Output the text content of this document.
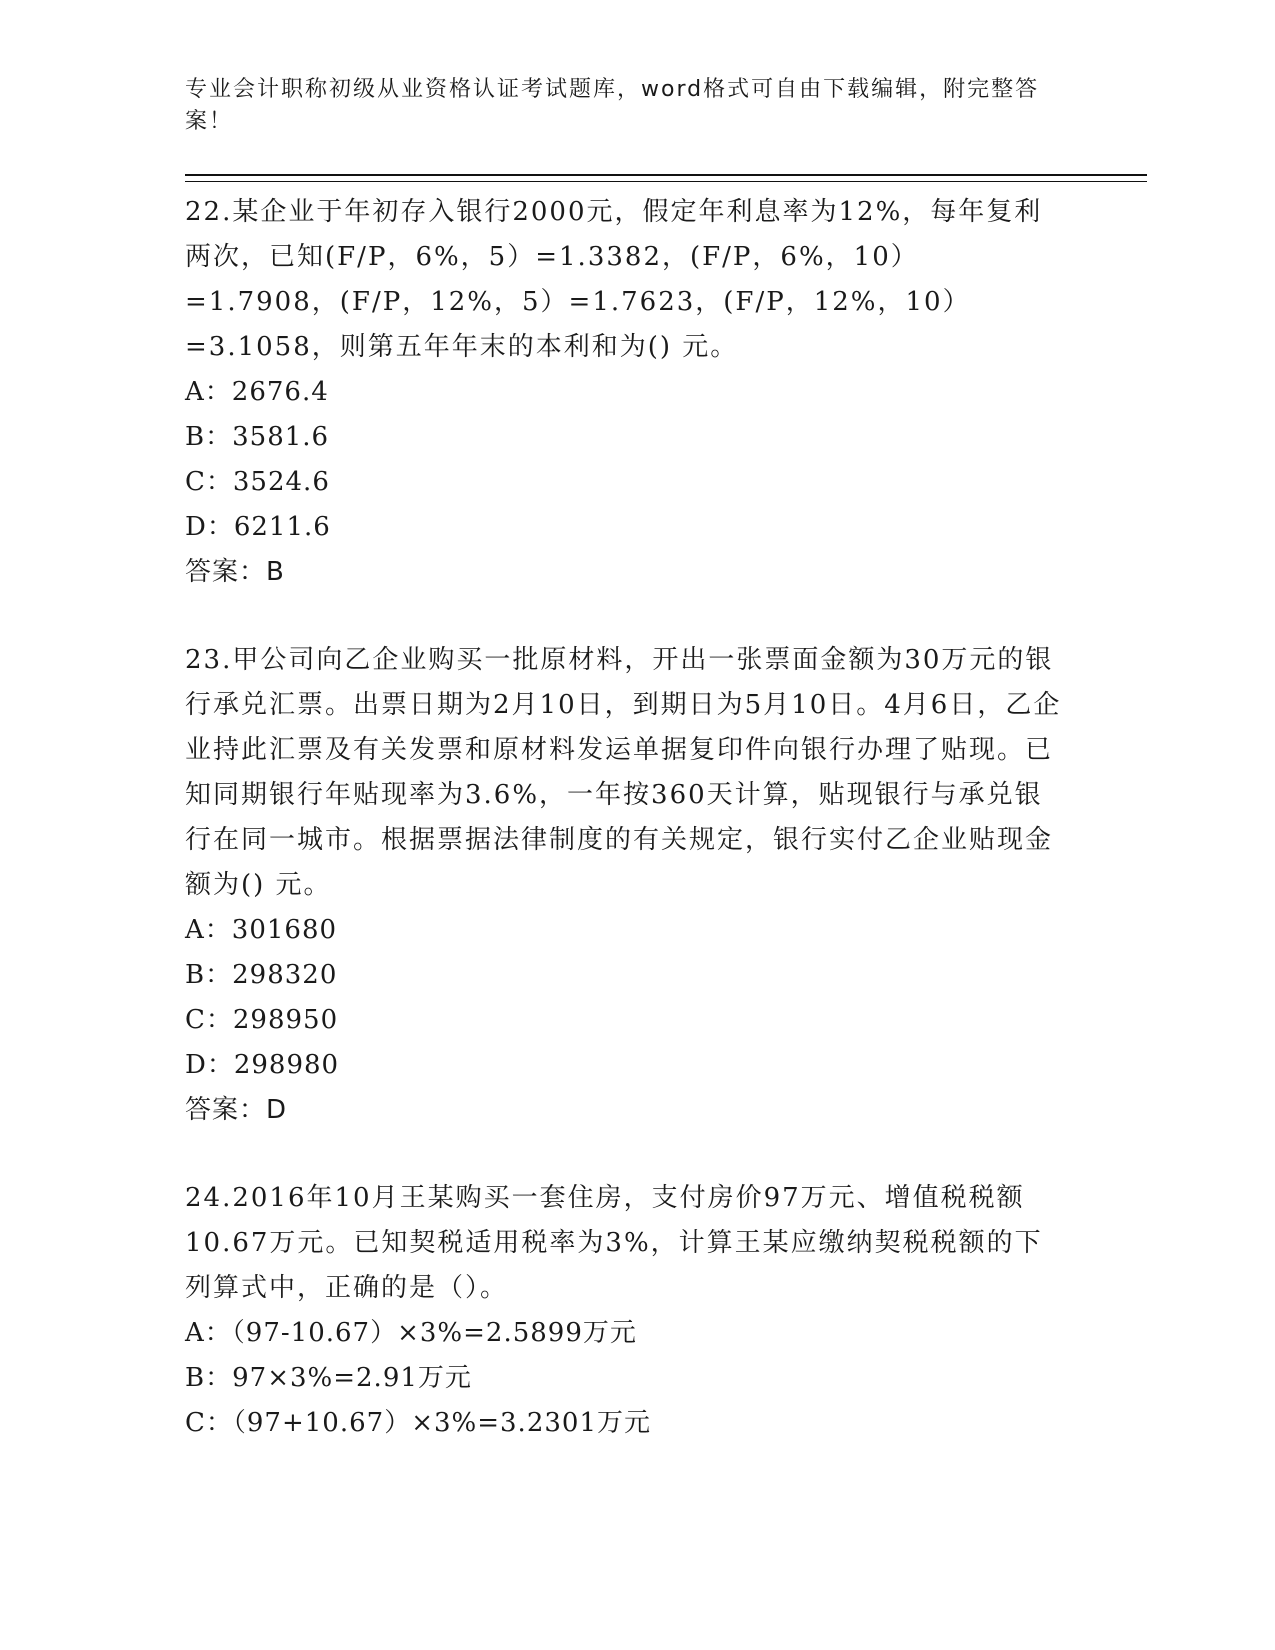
专业会计职称初级从业资格认证考试题库，word格式可自由下载编辑，附完整答案！

22.某企业于年初存入银行2000元，假定年利息率为12%，每年复利两次，已知(F/P，6%，5）=1.3382，(F/P，6%，10）=1.7908，(F/P，12%，5）=1.7623，(F/P，12%，10）=3.1058，则第五年年末的本利和为() 元。

A：2676.4

B：3581.6

C：3524.6

D：6211.6

答案：B

23.甲公司向乙企业购买一批原材料，开出一张票面金额为30万元的银行承兑汇票。出票日期为2月10日，到期日为5月10日。4月6日，乙企业持此汇票及有关发票和原材料发运单据复印件向银行办理了贴现。已知同期银行年贴现率为3.6%，一年按360天计算，贴现银行与承兑银行在同一城市。根据票据法律制度的有关规定，银行实付乙企业贴现金额为() 元。

A：301680

B：298320

C：298950

D：298980

答案：D

24.2016年10月王某购买一套住房，支付房价97万元、增值税税额10.67万元。已知契税适用税率为3%，计算王某应缴纳契税税额的下列算式中，正确的是（）。

A：（97-10.67）×3%=2.5899万元

B：97×3%=2.91万元

C：（97+10.67）×3%=3.2301万元
